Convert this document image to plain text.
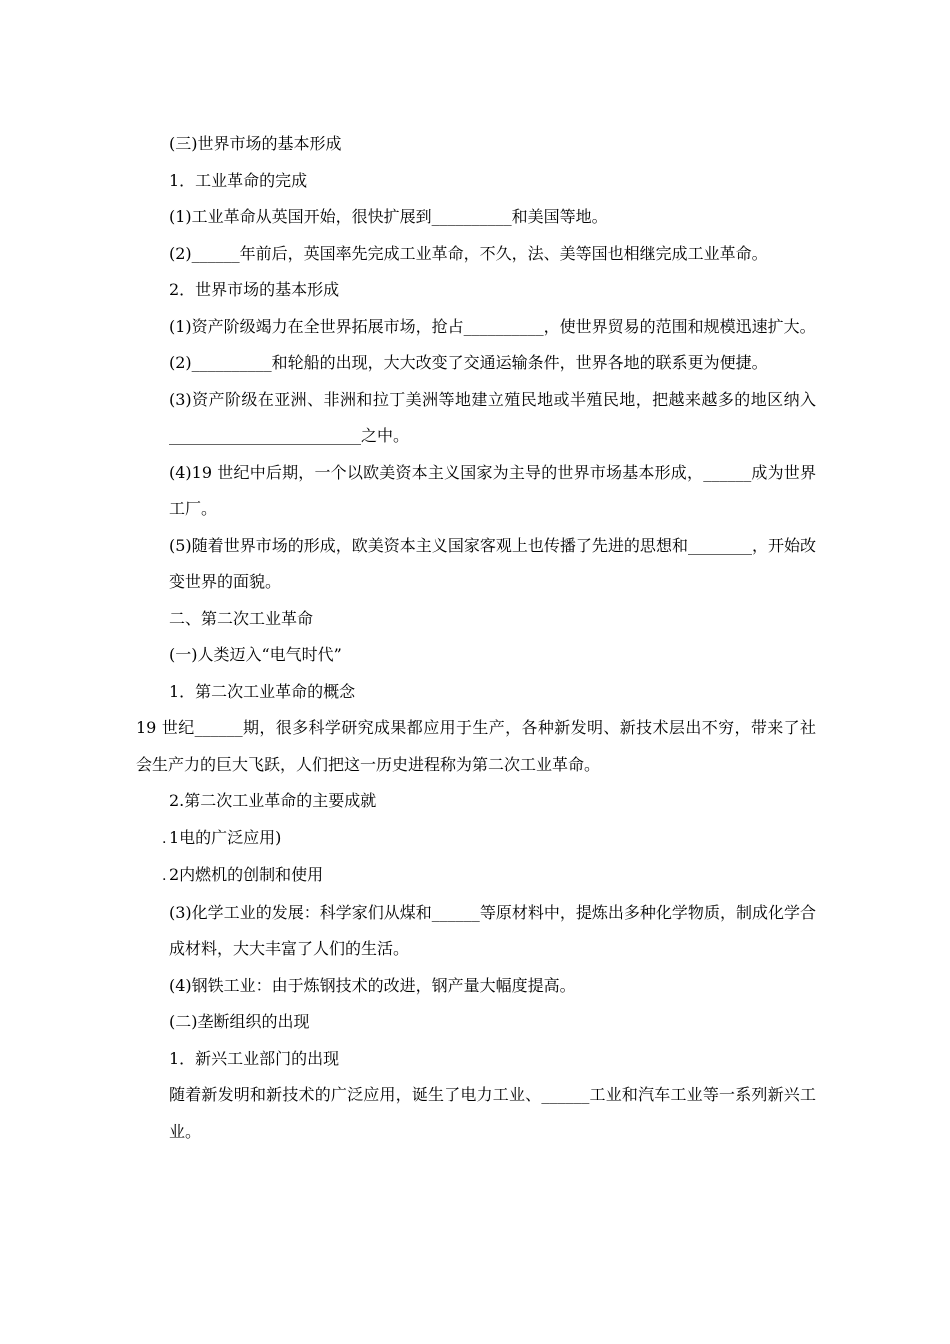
(三)世界市场的基本形成

1．工业革命的完成

(1)工业革命从英国开始，很快扩展到__________和美国等地。

(2)______年前后，英国率先完成工业革命，不久，法、美等国也相继完成工业革命。

2．世界市场的基本形成

(1)资产阶级竭力在全世界拓展市场，抢占__________，使世界贸易的范围和规模迅速扩大。

(2)__________和轮船的出现，大大改变了交通运输条件，世界各地的联系更为便捷。

(3)资产阶级在亚洲、非洲和拉丁美洲等地建立殖民地或半殖民地，把越来越多的地区纳入________________________之中。

(4)19 世纪中后期，一个以欧美资本主义国家为主导的世界市场基本形成，______成为世界工厂。

(5)随着世界市场的形成，欧美资本主义国家客观上也传播了先进的思想和________，开始改变世界的面貌。

二、第二次工业革命

(一)人类迈入“电气时代”

1．第二次工业革命的概念

19 世纪______期，很多科学研究成果都应用于生产，各种新发明、新技术层出不穷，带来了社会生产力的巨大飞跃，人们把这一历史进程称为第二次工业革命。

2.第二次工业革命的主要成就

. 1电的广泛应用)

. 2内燃机的创制和使用

(3)化学工业的发展：科学家们从煤和______等原材料中，提炼出多种化学物质，制成化学合成材料，大大丰富了人们的生活。

(4)钢铁工业：由于炼钢技术的改进，钢产量大幅度提高。

(二)垄断组织的出现

1．新兴工业部门的出现

随着新发明和新技术的广泛应用，诞生了电力工业、______工业和汽车工业等一系列新兴工业。
